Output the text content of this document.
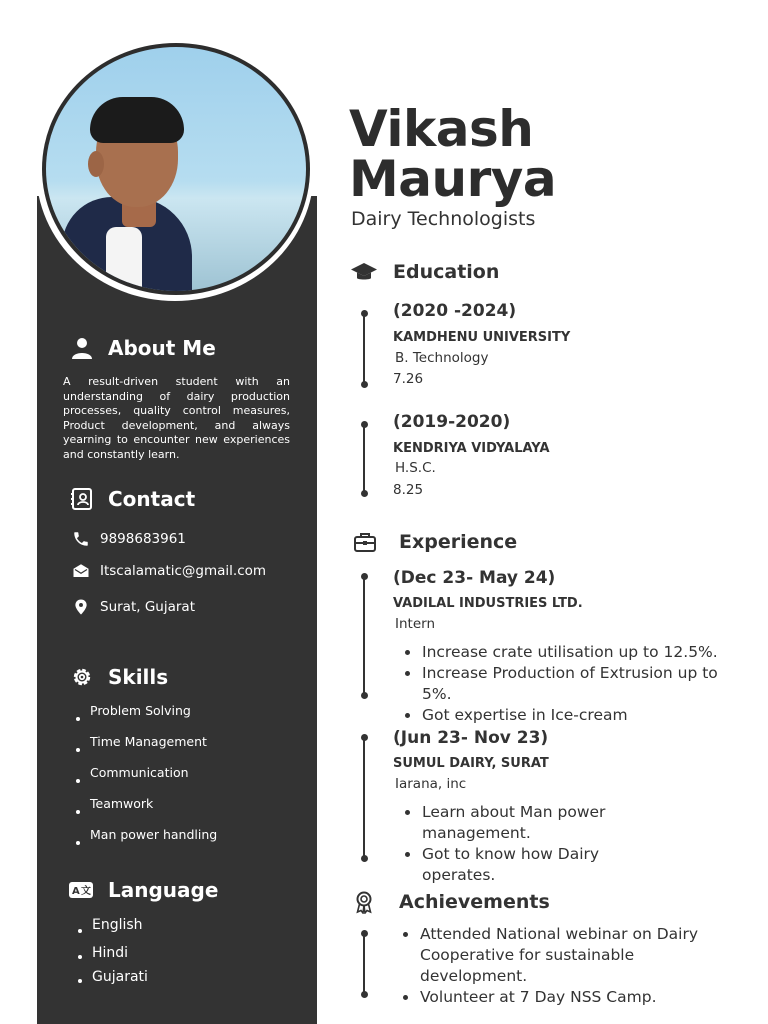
About Me
A result-driven student with an understanding of dairy production processes, quality control measures, Product development, and always yearning to encounter new experiences and constantly learn.
Contact
9898683961
Itscalamatic@gmail.com
Surat, Gujarat
Skills
Problem Solving
Time Management
Communication
Teamwork
Man power handling
A 文 Language
English
Hindi
Gujarati
Vikash
Maurya
Dairy Technologists
Education
(2020 -2024)
KAMDHENU UNIVERSITY
B. Technology
7.26
(2019-2020)
KENDRIYA VIDYALAYA
H.S.C.
8.25
Experience
(Dec 23- May 24)
VADILAL INDUSTRIES LTD.
Intern
Increase crate utilisation up to 12.5%.
Increase Production of Extrusion up to 5%.
Got expertise in Ice-cream
(Jun 23- Nov 23)
SUMUL DAIRY, SURAT
Iarana, inc
Learn about Man power management.
Got to know how Dairy operates.
Achievements
Attended National webinar on Dairy Cooperative for sustainable development.
Volunteer at 7 Day NSS Camp.
